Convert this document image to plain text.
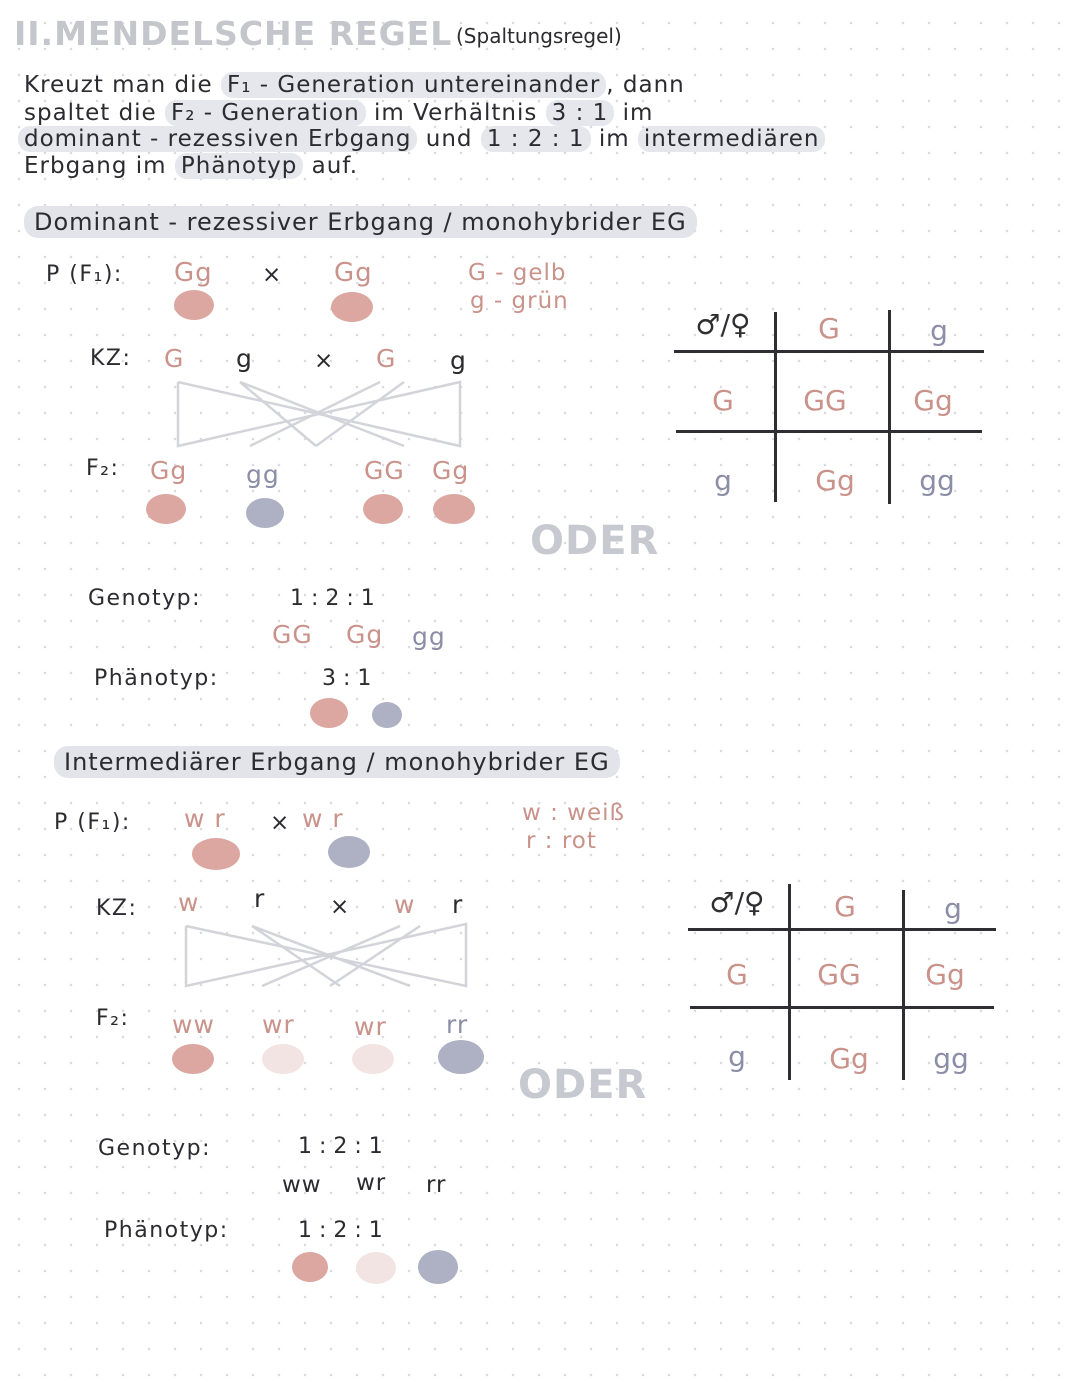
II.MENDELSCHE REGEL (Spaltungsregel)
Kreuzt man die F₁ - Generation untereinander , dann
spaltet die F₂ - Generation im Verhältnis 3 : 1 im
dominant - rezessiven Erbgang und 1 : 2 : 1 im intermediären
Erbgang im Phänotyp auf.
Dominant - rezessiver Erbgang / monohybrider EG
P (F₁): Gg × Gg	G - gelb
g - grün
KZ: G g	× G g
F₂: Gg gg	GG Gg
ODER
Genotyp:	1 : 2 : 1
GG Gg gg
Phänotyp:	3 : 1
♂/♀	G	g
G	GG	Gg
g	Gg	gg
Intermediärer Erbgang / monohybrider EG
P (F₁): w r × w r	w : weiß
r : rot
KZ: w r	× w r
F₂: ww wr wr rr
ODER
Genotyp:	1 : 2 : 1
ww wr rr
Phänotyp:	1 : 2 : 1
♂/♀	G	g
G	GG	Gg
g	Gg	gg
